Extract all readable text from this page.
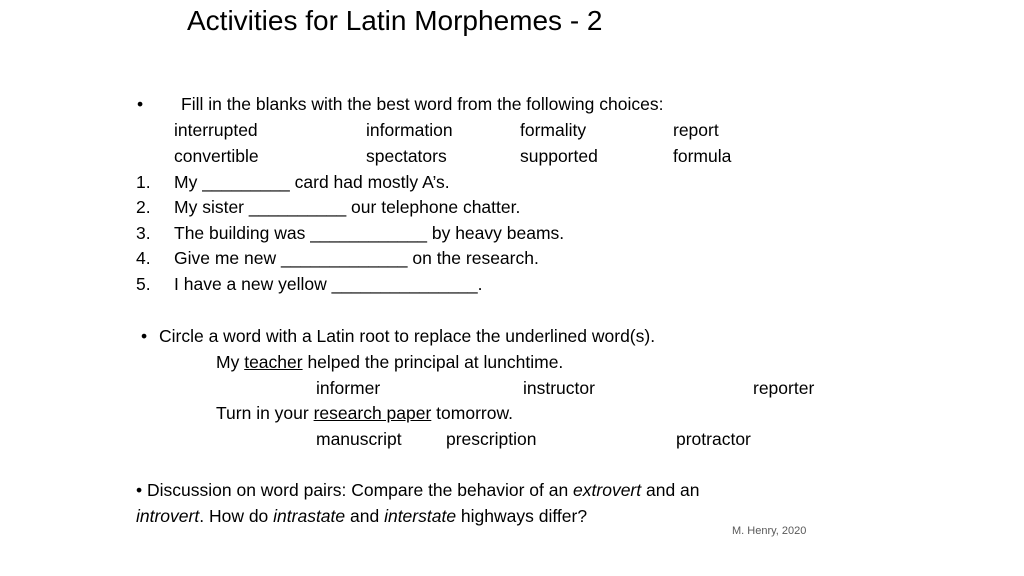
Activities for Latin Morphemes - 2
• Fill in the blanks with the best word from the following choices:
interrupted	information	formality	report
convertible	spectators	supported	formula
1. My _________ card had mostly A’s.
2. My sister __________ our telephone chatter.
3. The building was ____________ by heavy beams.
4. Give me new _____________ on the research.
5. I have a new yellow _______________.
• Circle a word with a Latin root to replace the underlined word(s).
My teacher helped the principal at lunchtime.
informer	instructor	reporter
Turn in your research paper tomorrow.
manuscript	prescription	protractor
• Discussion on word pairs: Compare the behavior of an extrovert and an
introvert. How do intrastate and interstate highways differ?
M. Henry, 2020
